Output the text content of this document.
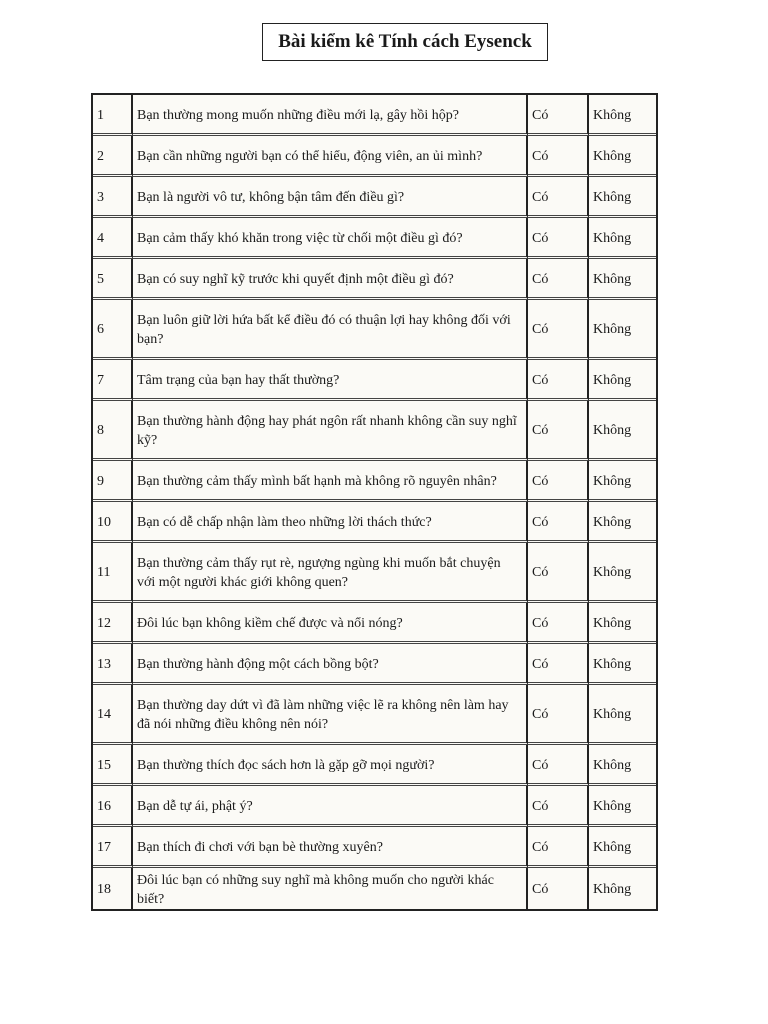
Bài kiểm kê Tính cách Eysenck
1	Bạn thường mong muốn những điều mới lạ, gây hồi hộp?	Có	Không

2	Bạn cần những người bạn có thể hiểu, động viên, an ủi mình?	Có	Không

3	Bạn là người vô tư, không bận tâm đến điều gì?	Có	Không

4	Bạn cảm thấy khó khăn trong việc từ chối một điều gì đó?	Có	Không

5	Bạn có suy nghĩ kỹ trước khi quyết định một điều gì đó?	Có	Không

6	Bạn luôn giữ lời hứa bất kể điều đó có thuận lợi hay không đối với bạn?	Có	Không

7	Tâm trạng của bạn hay thất thường?	Có	Không

8	Bạn thường hành động hay phát ngôn rất nhanh không cần suy nghĩ kỹ?	Có	Không

9	Bạn thường cảm thấy mình bất hạnh mà không rõ nguyên nhân?	Có	Không

10	Bạn có dễ chấp nhận làm theo những lời thách thức?	Có	Không

11	Bạn thường cảm thấy rụt rè, ngượng ngùng khi muốn bắt chuyện với một người khác giới không quen?	Có	Không

12	Đôi lúc bạn không kiềm chế được và nổi nóng?	Có	Không

13	Bạn thường hành động một cách bồng bột?	Có	Không

14	Bạn thường day dứt vì đã làm những việc lẽ ra không nên làm hay đã nói những điều không nên nói?	Có	Không

15	Bạn thường thích đọc sách hơn là gặp gỡ mọi người?	Có	Không

16	Bạn dễ tự ái, phật ý?	Có	Không

17	Bạn thích đi chơi với bạn bè thường xuyên?	Có	Không

18	Đôi lúc bạn có những suy nghĩ mà không muốn cho người khác biết?	Có	Không
